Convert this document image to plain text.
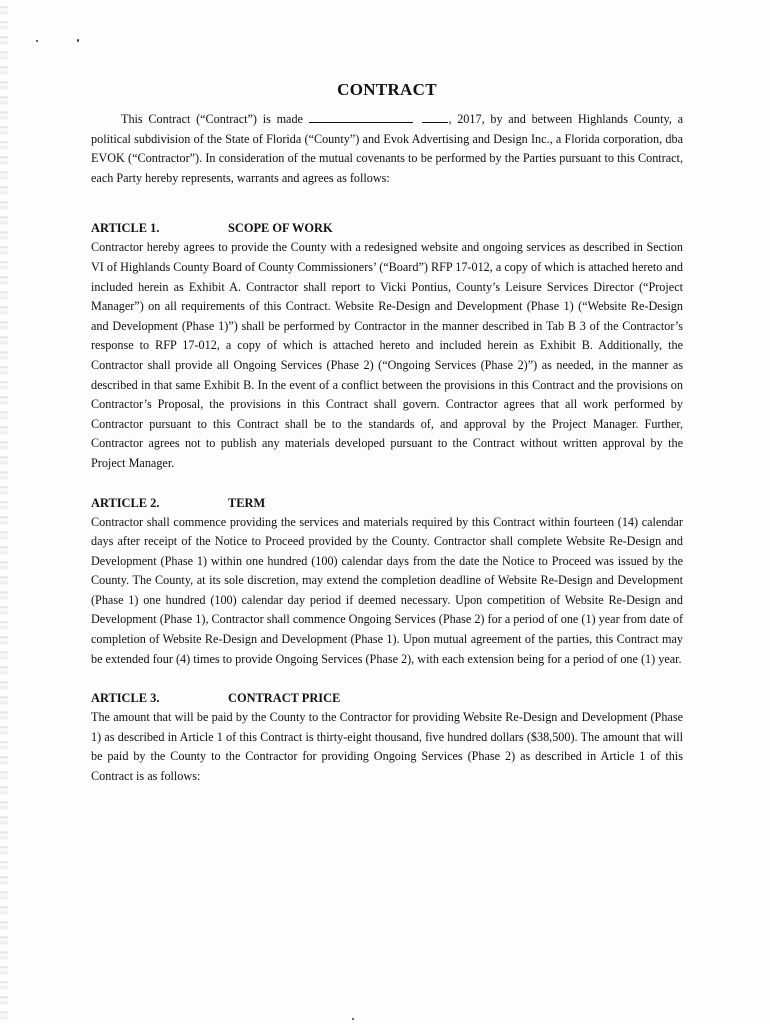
CONTRACT

This Contract (“Contract”) is made	, 2017, by and between Highlands County, a political subdivision of the State of Florida (“County”) and Evok Advertising and Design Inc., a Florida corporation, dba EVOK (“Contractor”). In consideration of the mutual covenants to be performed by the Parties pursuant to this Contract, each Party hereby represents, warrants and agrees as follows:

ARTICLE 1.	SCOPE OF WORK

Contractor hereby agrees to provide the County with a redesigned website and ongoing services as described in Section VI of Highlands County Board of County Commissioners’ (“Board”) RFP 17-012, a copy of which is attached hereto and included herein as Exhibit A. Contractor shall report to Vicki Pontius, County’s Leisure Services Director (“Project Manager”) on all requirements of this Contract. Website Re-Design and Development (Phase 1) (“Website Re-Design and Development (Phase 1)”) shall be performed by Contractor in the manner described in Tab B 3 of the Contractor’s response to RFP 17-012, a copy of which is attached hereto and included herein as Exhibit B. Additionally, the Contractor shall provide all Ongoing Services (Phase 2) (“Ongoing Services (Phase 2)”) as needed, in the manner as described in that same Exhibit B. In the event of a conflict between the provisions in this Contract and the provisions on Contractor’s Proposal, the provisions in this Contract shall govern. Contractor agrees that all work performed by Contractor pursuant to this Contract shall be to the standards of, and approval by the Project Manager. Further, Contractor agrees not to publish any materials developed pursuant to the Contract without written approval by the Project Manager.

ARTICLE 2.	TERM

Contractor shall commence providing the services and materials required by this Contract within fourteen (14) calendar days after receipt of the Notice to Proceed provided by the County. Contractor shall complete Website Re-Design and Development (Phase 1) within one hundred (100) calendar days from the date the Notice to Proceed was issued by the County. The County, at its sole discretion, may extend the completion deadline of Website Re-Design and Development (Phase 1) one hundred (100) calendar day period if deemed necessary. Upon competition of Website Re-Design and Development (Phase 1), Contractor shall commence Ongoing Services (Phase 2) for a period of one (1) year from date of completion of Website Re-Design and Development (Phase 1). Upon mutual agreement of the parties, this Contract may be extended four (4) times to provide Ongoing Services (Phase 2), with each extension being for a period of one (1) year.

ARTICLE 3.	CONTRACT PRICE

The amount that will be paid by the County to the Contractor for providing Website Re-Design and Development (Phase 1) as described in Article 1 of this Contract is thirty-eight thousand, five hundred dollars ($38,500). The amount that will be paid by the County to the Contractor for providing Ongoing Services (Phase 2) as described in Article 1 of this Contract is as follows:
